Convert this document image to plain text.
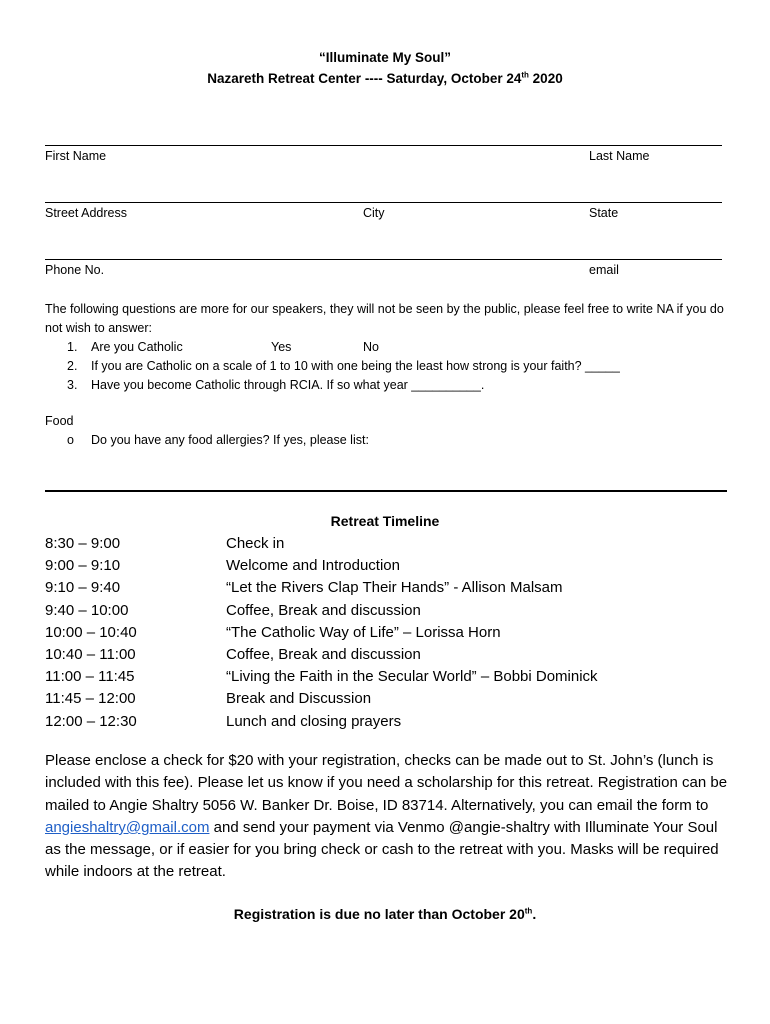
“Illuminate My Soul”
Nazareth Retreat Center ---- Saturday, October 24th 2020
First Name	Last Name
Street Address	City	State
Phone No.	email
The following questions are more for our speakers, they will not be seen by the public, please feel free to write NA if you do not wish to answer:
1. Are you Catholic	Yes	No
2. If you are Catholic on a scale of 1 to 10 with one being the least how strong is your faith? _____
3. Have you become Catholic through RCIA. If so what year __________.
Food
o Do you have any food allergies? If yes, please list:
Retreat Timeline
8:30 – 9:00	Check in
9:00 – 9:10	Welcome and Introduction
9:10 – 9:40	“Let the Rivers Clap Their Hands” - Allison Malsam
9:40 – 10:00	Coffee, Break and discussion
10:00 – 10:40	“The Catholic Way of Life” – Lorissa Horn
10:40 – 11:00	Coffee, Break and discussion
11:00 – 11:45	“Living the Faith in the Secular World” – Bobbi Dominick
11:45 – 12:00	Break and Discussion
12:00 – 12:30	Lunch and closing prayers
Please enclose a check for $20 with your registration, checks can be made out to St. John’s (lunch is included with this fee). Please let us know if you need a scholarship for this retreat. Registration can be mailed to Angie Shaltry 5056 W. Banker Dr. Boise, ID 83714. Alternatively, you can email the form to angieshaltry@gmail.com and send your payment via Venmo @angie-shaltry with Illuminate Your Soul as the message, or if easier for you bring check or cash to the retreat with you. Masks will be required while indoors at the retreat.
Registration is due no later than October 20th.
